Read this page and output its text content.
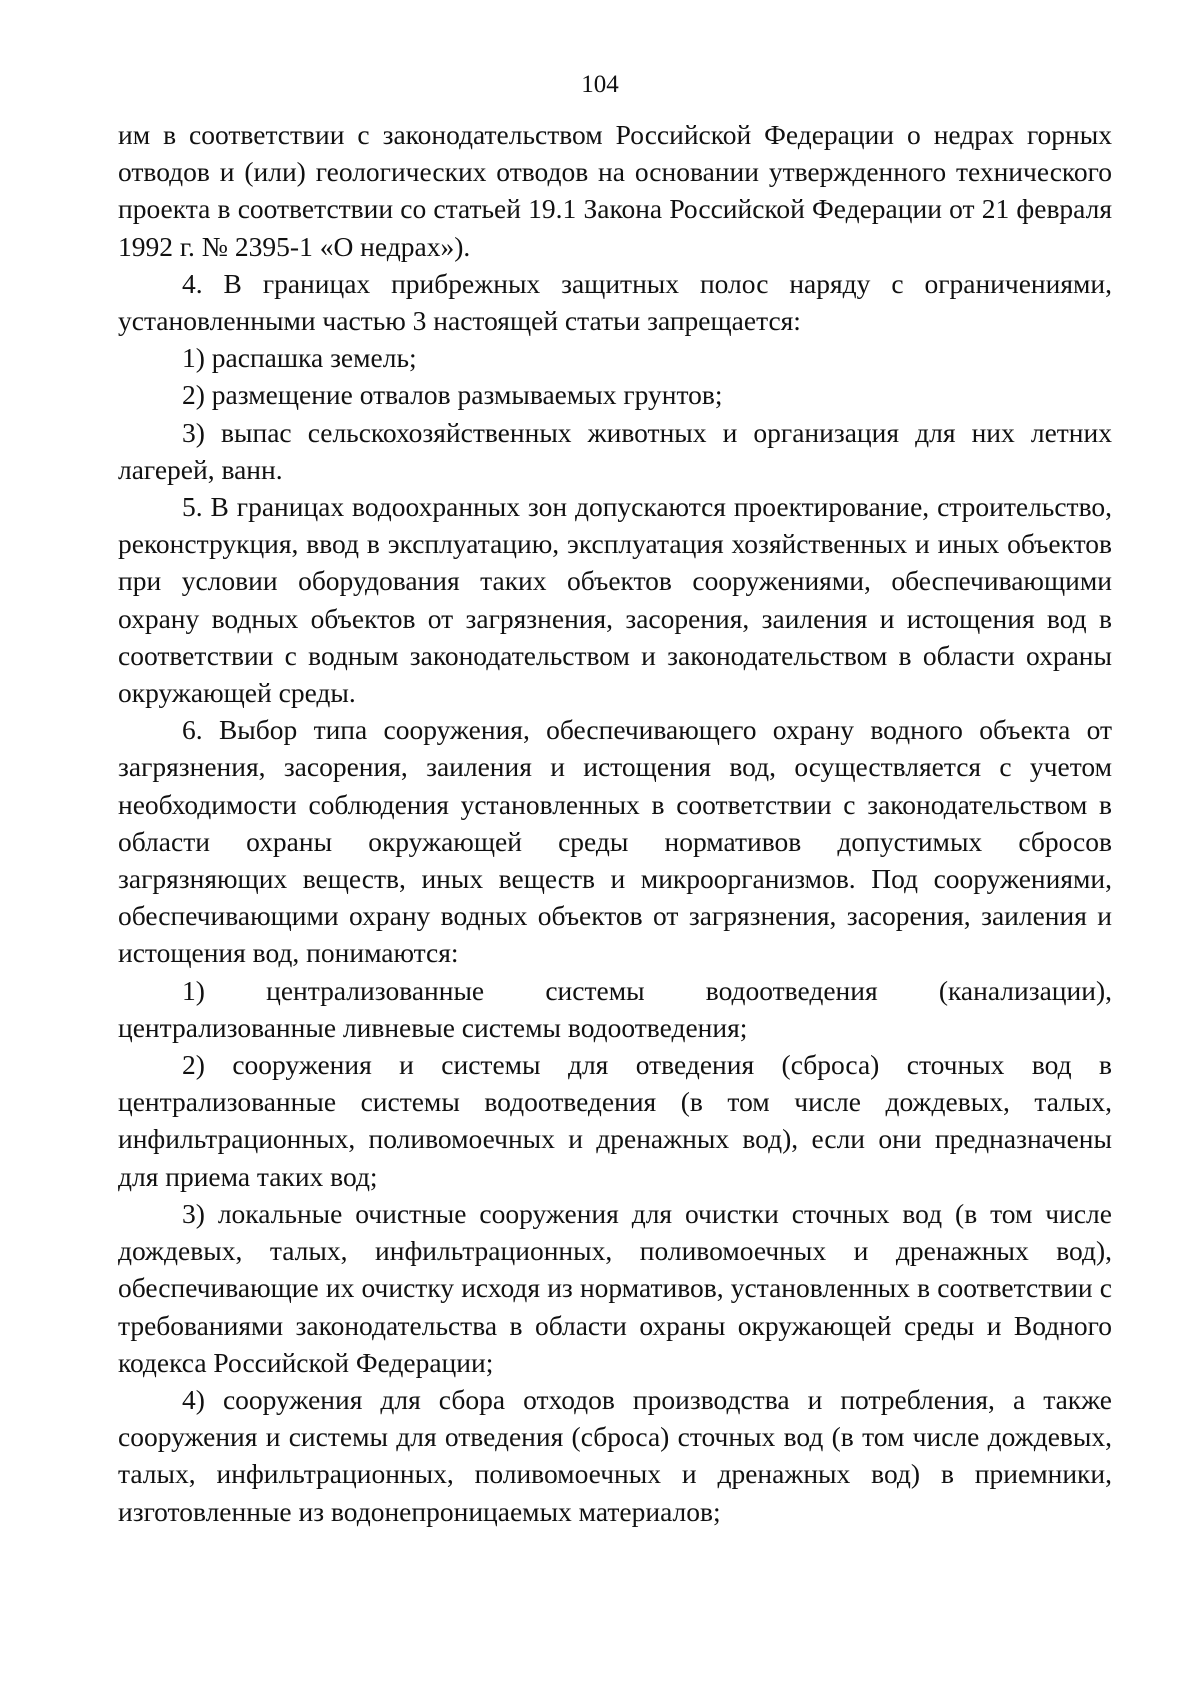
104

им в соответствии с законодательством Российской Федерации о недрах горных отводов и (или) геологических отводов на основании утвержденного технического проекта в соответствии со статьей 19.1 Закона Российской Федерации от 21 февраля 1992 г. № 2395-1 «О недрах»).

4. В границах прибрежных защитных полос наряду с ограничениями, установленными частью 3 настоящей статьи запрещается:

1) распашка земель;

2) размещение отвалов размываемых грунтов;

3) выпас сельскохозяйственных животных и организация для них летних лагерей, ванн.

5. В границах водоохранных зон допускаются проектирование, строительство, реконструкция, ввод в эксплуатацию, эксплуатация хозяйственных и иных объектов при условии оборудования таких объектов сооружениями, обеспечивающими охрану водных объектов от загрязнения, засорения, заиления и истощения вод в соответствии с водным законодательством и законодательством в области охраны окружающей среды.

6. Выбор типа сооружения, обеспечивающего охрану водного объекта от загрязнения, засорения, заиления и истощения вод, осуществляется с учетом необходимости соблюдения установленных в соответствии с законодательством в области охраны окружающей среды нормативов допустимых сбросов загрязняющих веществ, иных веществ и микроорганизмов. Под сооружениями, обеспечивающими охрану водных объектов от загрязнения, засорения, заиления и истощения вод, понимаются:

1) централизованные системы водоотведения (канализации), централизованные ливневые системы водоотведения;

2) сооружения и системы для отведения (сброса) сточных вод в централизованные системы водоотведения (в том числе дождевых, талых, инфильтрационных, поливомоечных и дренажных вод), если они предназначены для приема таких вод;

3) локальные очистные сооружения для очистки сточных вод (в том числе дождевых, талых, инфильтрационных, поливомоечных и дренажных вод), обеспечивающие их очистку исходя из нормативов, установленных в соответствии с требованиями законодательства в области охраны окружающей среды и Водного кодекса Российской Федерации;

4) сооружения для сбора отходов производства и потребления, а также сооружения и системы для отведения (сброса) сточных вод (в том числе дождевых, талых, инфильтрационных, поливомоечных и дренажных вод) в приемники, изготовленные из водонепроницаемых материалов;
